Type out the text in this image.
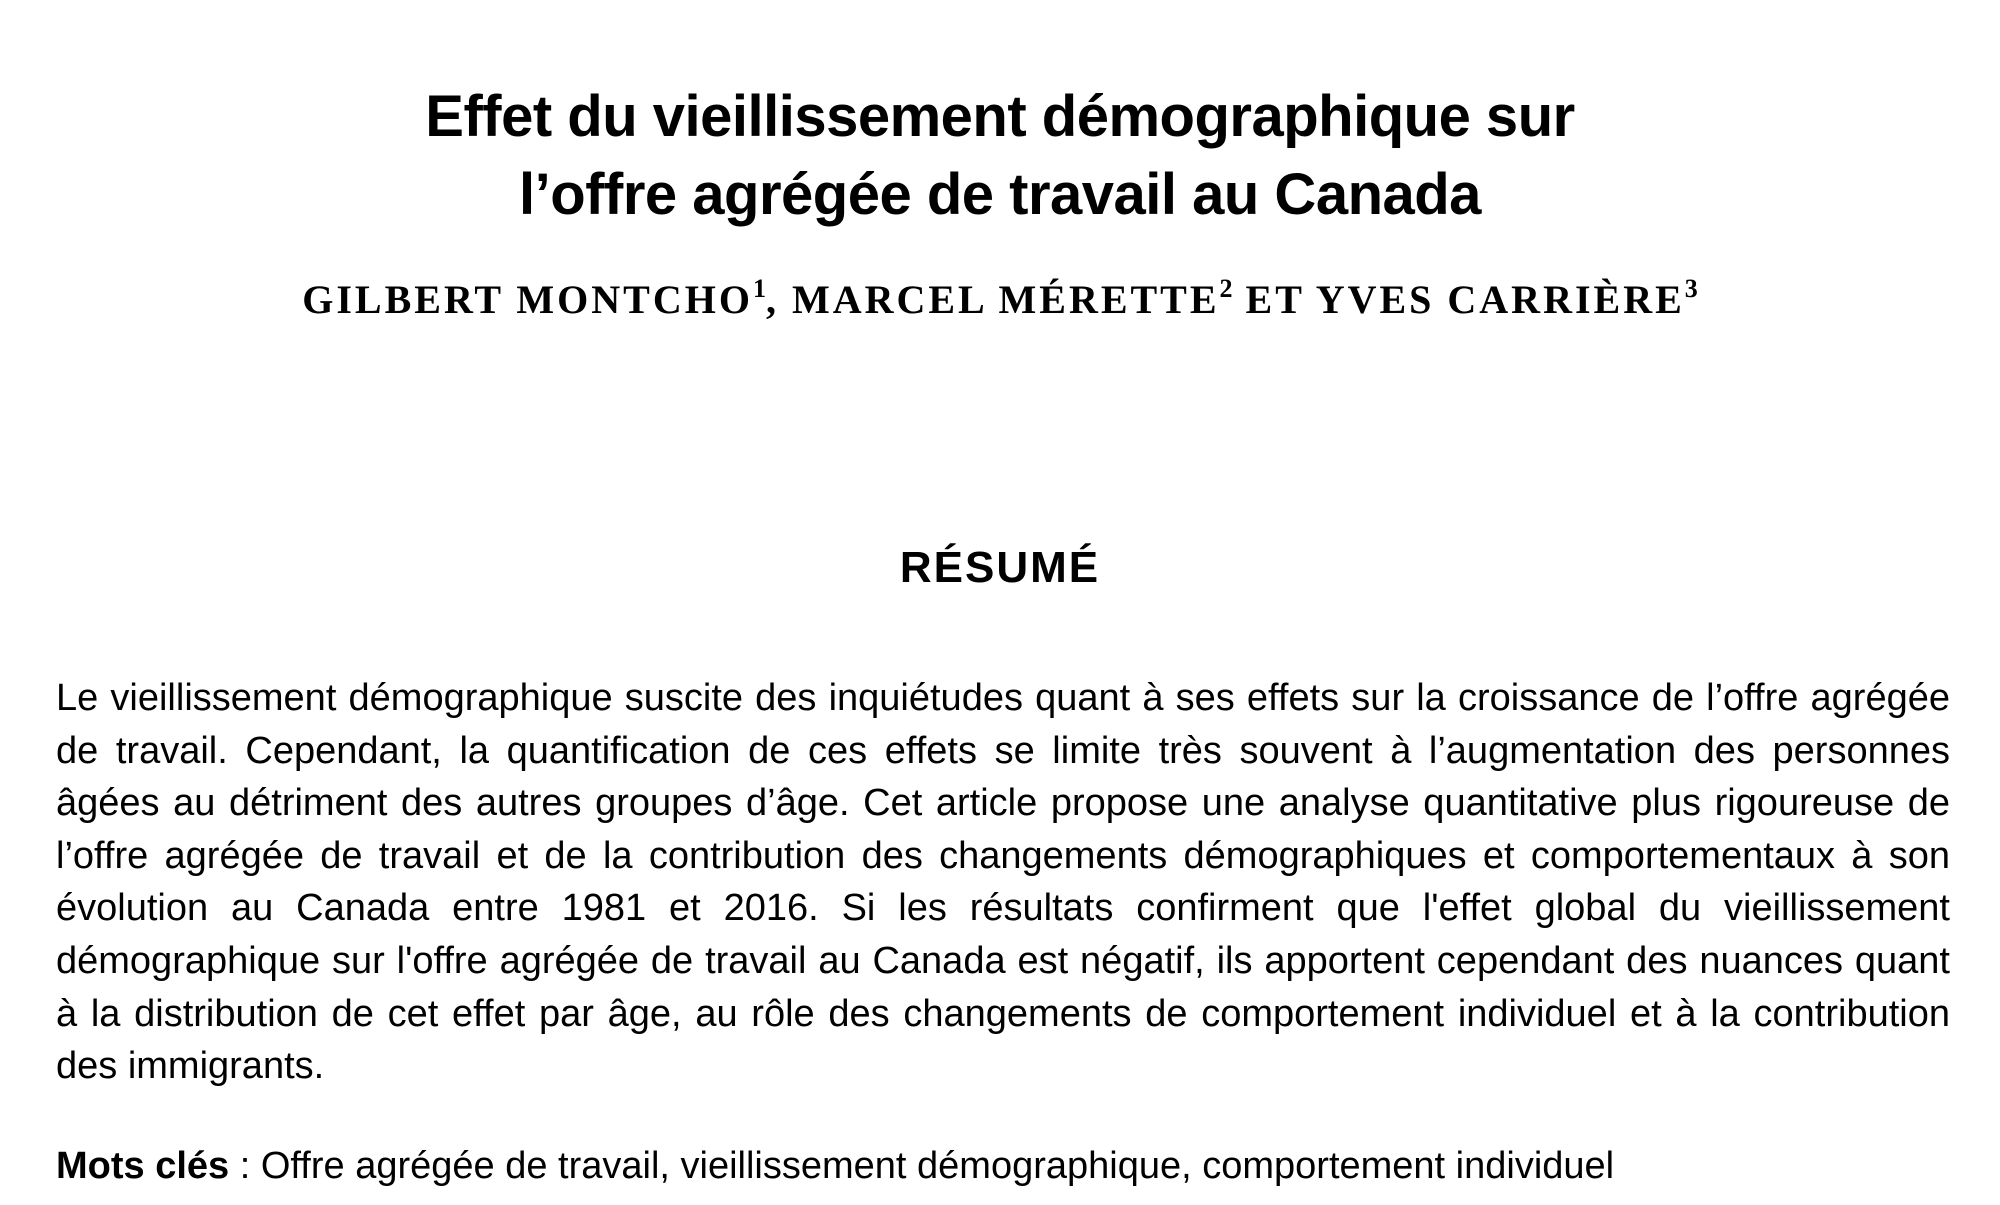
Effet du vieillissement démographique sur
l’offre agrégée de travail au Canada
GILBERT MONTCHO$^1$, MARCEL MÉRETTE$^2$ ET YVES CARRIÈRE$^3$
RÉSUMÉ

Le vieillissement démographique suscite des inquiétudes quant à ses effets sur la croissance de l’offre agrégée de travail. Cependant, la quantification de ces effets se limite très souvent à l’augmentation des personnes âgées au détriment des autres groupes d’âge. Cet article propose une analyse quantitative plus rigoureuse de l’offre agrégée de travail et de la contribution des changements démographiques et comportementaux à son évolution au Canada entre 1981 et 2016. Si les résultats confirment que l'effet global du vieillissement démographique sur l'offre agrégée de travail au Canada est négatif, ils apportent cependant des nuances quant à la distribution de cet effet par âge, au rôle des changements de comportement individuel et à la contribution des immigrants.

Mots clés : Offre agrégée de travail, vieillissement démographique, comportement individuel
